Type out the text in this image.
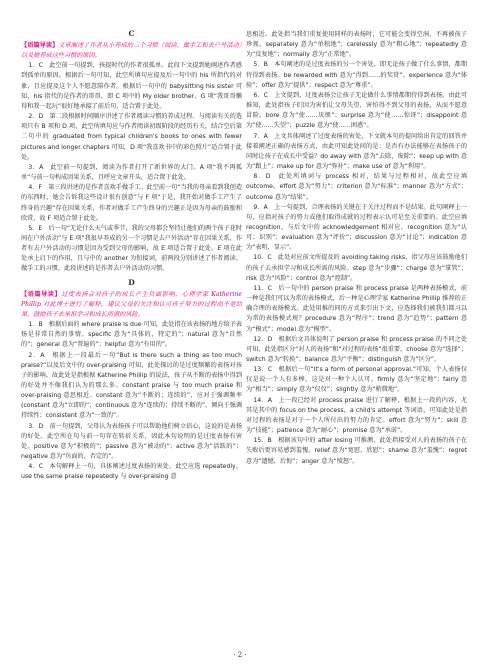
C

【语篇导读】文章阐述了作者从小养成的三个习惯（阅读、做手工和去户外活动）以及她养成这些习惯的原因。

1．C　此空前一句提到，孩提时代的作者很孤单。此段下文提到她阐述作者感到孤单的原因。根据后一句可知，此空所填句应提及后一句中的 his 所指代的对象，且应提及这个人不愿意陪作者。根据后一句中的 babysitting his sister 可知，his 指代的是作者的哥哥，即 C 项中的 My older brother。G 项“我哥哥懒得和我一起玩”很好地承接了前后句，适合置于此处。

2．D　第二段根据时间顺序讲述了作者阅读习惯的养成过程。与阅读有关的选项只有 B 项和 D 项。此空所填句应与作者阅读初级阶段的经历有关，结合空后第二句中的 graduated from typical children's books to ones with fewer pictures and longer chapters 可知，D 项“我喜欢书中的彩色照片”适合置于此处。

3．A　此空前一句提到，阅读为作者打开了新世界的大门。A 项“我不再孤单”与前一句构成因果关系，且呼应文章开头，适合置于此处。

4．F　第三段讲述的是作者喜欢手做手工。此空前一句“当我的母亲看到我创造的东西时，她会告诉我这些设计很有创意”与 F 项“于是，我开始对做手工产生了终身的兴趣”存在因果关系，作者对做手工产生终身的兴趣正是因为母亲的鼓励和欣赏，故 F 项适合置于此处。

5．E　后一句“无论什么天气或季节，我的父母都会坚持让他们的两个孩子花时间在户外活动”与 E 项“我很早养成的另一个习惯是去户外活动”存在因果关系，作者有去户外活动的习惯是因为受到父母的影响，故 E 项适合置于此处。E 项在此处承上启下的作用，且与中的 another 为衔接词，前两段分别讲述了作者阅读、做手工的习惯，此段讲述的是作者去户外活动的习惯。

D

【语篇导读】过度表扬会对孩子的成长产生负面影响，心理学家 Katherine Phillip 对此博士进行了解释，建议父母们关注和认可孩子努力的过程而不是结果，鼓励孩子去承担学习和成长所需的风险。

1．B　根据后面的 where praise is due 可知，此处指在该表扬的地方给予表扬是非常自然的事情。specific 意为“具体的，特定的”；natural 意为“自然的”；general 意为“普遍的”；helpful 意为“有用的”。

2．A　根据上一段最后一句“But is there such a thing as too much praise?”以及后文中的 over-praising 可知，此处探讨的是过度频繁的表扬对孩子的影响。故此处是指根据 Katherine Phillip 的说法，孩子从不断的表扬中得到的好处并不像我们认为的那么多。constant praise 与 too much praise 和 over-praising 意思相近。constant 意为“不断的；连续的”，应对于强调频率(constant 意为“立即的”；continuous 意为“连续的；持续不断的”，倾向于强调持续性；consistent 意为“一致的”。

3．D　前一句提到，父母认为表扬孩子可以帮助他们树立信心，这说的是表扬的好处。此空所在句与前一句存在转折关系，因此本句说明的是过度表扬有害处。positive 意为“积极的”；passive 意为“被动的”；active 意为“活跃的”；negative 意为“负面的，否定的”。

4．C　本句解释上一句，具体阐述过度表扬的害处。此空应选 repeatedly，use the same praise repeatedly 与 over-praising 意

思相近。此处指当我们重复使用同样的表扬时，它可能会变得空洞，不再被孩子珍视。separately 意为“单独地”；carelessly 意为“粗心地”；repeatedly 意为“反复地”；normally 意为“正常地”。

5．B　本句阐述的是过度表扬的另一个害处，即无论孩子做了什么事情，都期待得到表扬。be rewarded with 意为“得到……的奖赏”。experience 意为“体验”；offer 意为“提供”；respect 意为“尊重”。

6．C　上文提到，过度表扬会让孩子无论做什么事情都期待得到表扬。由此可推知，此处指孩子们因为害怕让父母失望，害怕得不到父母的表扬，从而不愿意冒险。bore 意为“使……厌烦”；surprise 意为“使……惊讶”；disappoint 意为“使……失望”；puzzle 意为“使……困惑”。

7．A　上文具体阐述了过度表扬的害处，下文就本句的提问给出肯定的回答并接着阐述正确的表扬方式，由此可知此处问的是：是否有办法能够在表扬孩子的同时让孩子在成长中受益？do away with 意为“去除，废除”；keep up with 意为“跟上”；make up for 意为“弥补”；make use of 意为“利用”。

8．D　此处所填词与 process 相对，结果与过程相对，故此空应填 outcome。effort 意为“努力”；criterion 意为“标准”；manner 意为“方式”；outcome 意为“结果”。

9．A　上一句提到，合理表扬的关键在于关注过程而不是结果。此句阐释上一句，应指对孩子的努力或他们取得成就的过程表示认可是至关重要的。此空应填 recognition，与后文中的 acknowledgement 相对应。recognition 意为“认可；识别”；evaluation 意为“评价”；discussion 意为“讨论”；indication 意为“表明，显示”。

10．C　此处对应前文所提及的 avoiding taking risks，指父母应该鼓励他们的孩子去承担学习和成长所需的风险。step 意为“步骤”；charge 意为“掌管”；risk 意为“风险”；control 意为“控制”。

11．C　后一句中的 person praise 和 process praise 是两种表扬模式，前一种是我们可以为常的表扬模式，后一种是心理学家 Katherine Phillip 推荐的正确合理的表扬模式。此处用推的同的方式来引出下文，应选择我们被我们都习以为常的表扬模式规？procedure 意为“程序”；trend 意为“趋势”；pattern 意为“模式”；model 意为“模型”。

12．D　根据后文具体说明了 person praise 和 process praise 的不同之处可知，此处指区分“对人的表扬”和“对过程的表扬”很重要。choose 意为“选择”；switch 意为“转换”；balance 意为“平衡”；distinguish 意为“区分”。

13．C　根据后一句“It's a form of personal approval.”可知，个人表扬仅仅是说一个人有多棒，这是对一种个人认可。firmly 意为“坚定地”；fairly 意为“相当”；simply 意为“仅仅”；slightly 意为“稍微地”。

14．A　上一段已经对 process praise 进行了解释，根据上一段的内容，尤其是其中的 focus on the process，a child's attempt 等词语，可知此处是指对过程的表扬是对于一个人所付出的努力的肯定。effort 意为“努力”；skill 意为“技能”；patience 意为“耐心”；promise 意为“承诺”。

15．B　根据该句中的 after losing 可推测，此处指接受对人的表扬的孩子在失败后更容易感到羞愧。relief 意为“宽慰，欣慰”；shame 意为“羞愧”；regret 意为“遗憾，后悔”；anger 意为“愤怒”。

· 2 ·
